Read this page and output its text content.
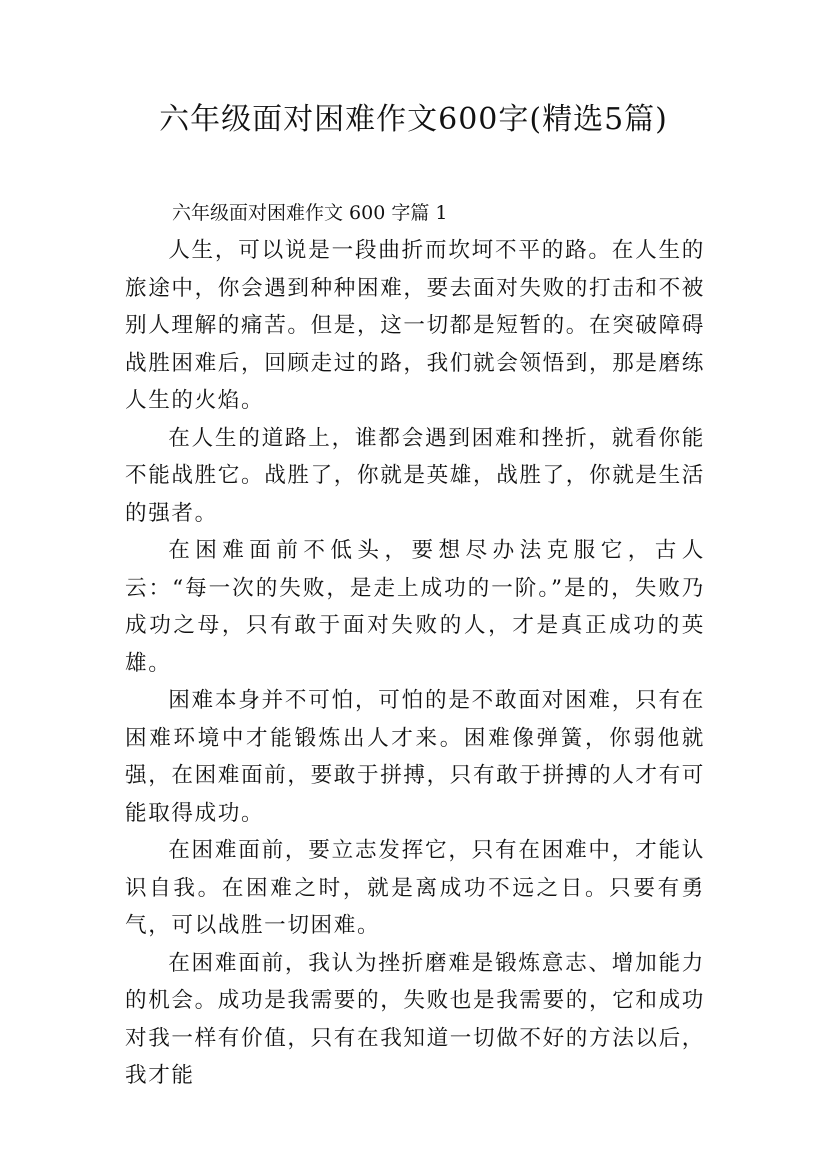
六年级面对困难作文600字(精选5篇)
六年级面对困难作文 600 字篇 1

人生，可以说是一段曲折而坎坷不平的路。在人生的旅途中，你会遇到种种困难，要去面对失败的打击和不被别人理解的痛苦。但是，这一切都是短暂的。在突破障碍战胜困难后，回顾走过的路，我们就会领悟到，那是磨练人生的火焰。

在人生的道路上，谁都会遇到困难和挫折，就看你能不能战胜它。战胜了，你就是英雄，战胜了，你就是生活的强者。

在困难面前不低头，要想尽办法克服它，古人云：“每一次的失败，是走上成功的一阶。”是的，失败乃成功之母，只有敢于面对失败的人，才是真正成功的英雄。

困难本身并不可怕，可怕的是不敢面对困难，只有在困难环境中才能锻炼出人才来。困难像弹簧，你弱他就强，在困难面前，要敢于拼搏，只有敢于拼搏的人才有可能取得成功。

在困难面前，要立志发挥它，只有在困难中，才能认识自我。在困难之时，就是离成功不远之日。只要有勇气，可以战胜一切困难。

在困难面前，我认为挫折磨难是锻炼意志、增加能力的机会。成功是我需要的，失败也是我需要的，它和成功对我一样有价值，只有在我知道一切做不好的方法以后，我才能
